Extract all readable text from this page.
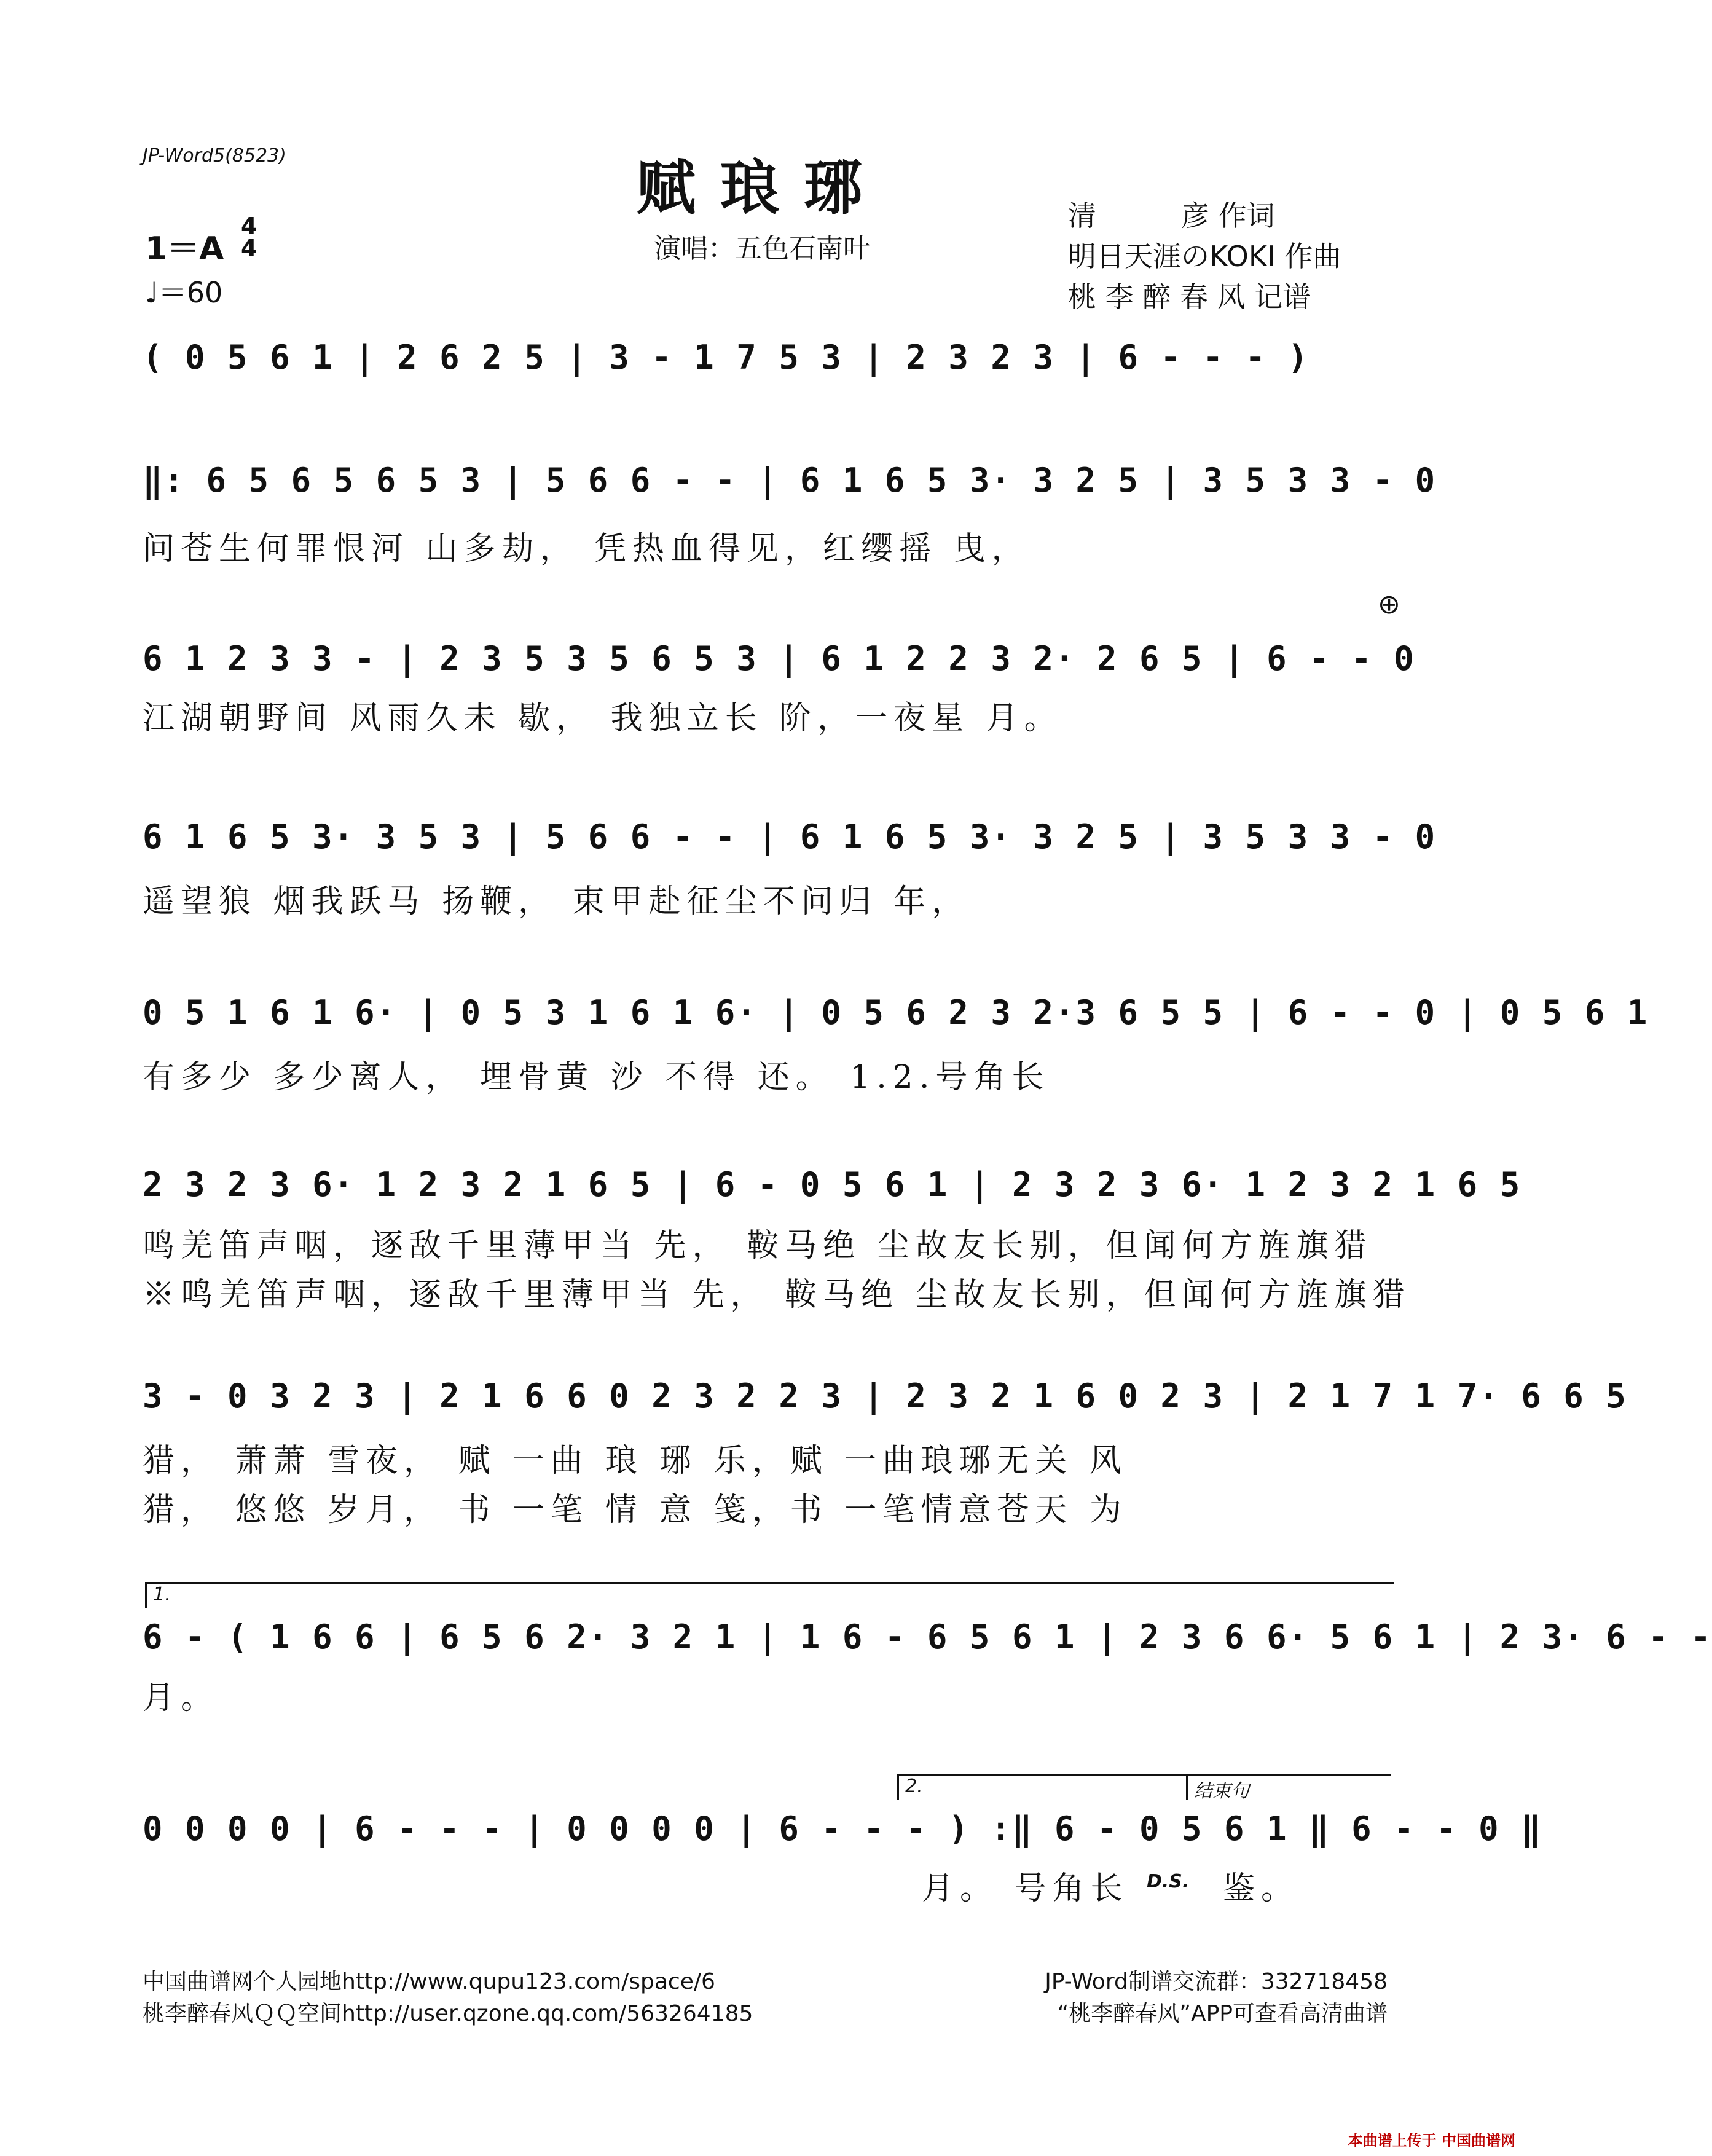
JP-Word5(8523)	赋琅琊
演唱：五色石南叶
清　　　彦 作词
明日天涯のKOKI 作曲
桃 李 醉 春 风 记谱
1＝A
4
4
♩＝60
( 0 5 6 1 | 2 6 2 5 | 3 - 1 7 5 3 | 2 3 2 3 | 6 - - - )
‖: 6 5 6 5 6 5 3 | 5 6 6 - - | 6 1 6 5 3· 3 2 5 | 3 5 3 3 - 0
问苍生何罪恨河 山多劫， 凭热血得见，红缨摇 曳，
⊕
6 1 2 3 3 - | 2 3 5 3 5 6 5 3 | 6 1 2 2 3 2· 2 6 5 | 6 - - 0
江湖朝野间 风雨久未 歇， 我独立长 阶，一夜星 月。
6 1 6 5 3· 3 5 3 | 5 6 6 - - | 6 1 6 5 3· 3 2 5 | 3 5 3 3 - 0
遥望狼 烟我跃马 扬鞭， 束甲赴征尘不问归 年，
0 5 1 6 1 6· | 0 5 3 1 6 1 6· | 0 5 6 2 3 2·3 6 5 5 | 6 - - 0 | 0 5 6 1
有多少 多少离人， 埋骨黄 沙 不得 还。 1.2.号角长
2 3 2 3 6· 1 2 3 2 1 6 5 | 6 - 0 5 6 1 | 2 3 2 3 6· 1 2 3 2 1 6 5
鸣羌笛声咽，逐敌千里薄甲当 先， 鞍马绝 尘故友长别，但闻何方旌旗猎
※鸣羌笛声咽，逐敌千里薄甲当 先， 鞍马绝 尘故友长别，但闻何方旌旗猎
3 - 0 3 2 3 | 2 1 6 6 0 2 3 2 2 3 | 2 3 2 1 6 0 2 3 | 2 1 7 1 7· 6 6 5
猎， 萧萧 雪夜， 赋 一曲 琅 琊 乐，赋 一曲琅琊无关 风
猎， 悠悠 岁月， 书 一笔 情 意 笺，书 一笔情意苍天 为
1.
6 - ( 1 6 6 | 6 5 6 2· 3 2 1 | 1 6 - 6 5 6 1 | 2 3 6 6· 5 6 1 | 2 3· 6 - -
月。
2.	结束句
0 0 0 0 | 6 - - - | 0 0 0 0 | 6 - - - ) :‖ 6 - 0 5 6 1 ‖ 6 - - 0 ‖
月。 号角长 D.S. 鉴。
中国曲谱网个人园地http://www.qupu123.com/space/6
桃李醉春风ＱＱ空间http://user.qzone.qq.com/563264185
JP-Word制谱交流群：332718458
“桃李醉春风”APP可查看高清曲谱
本曲谱上传于 中国曲谱网
